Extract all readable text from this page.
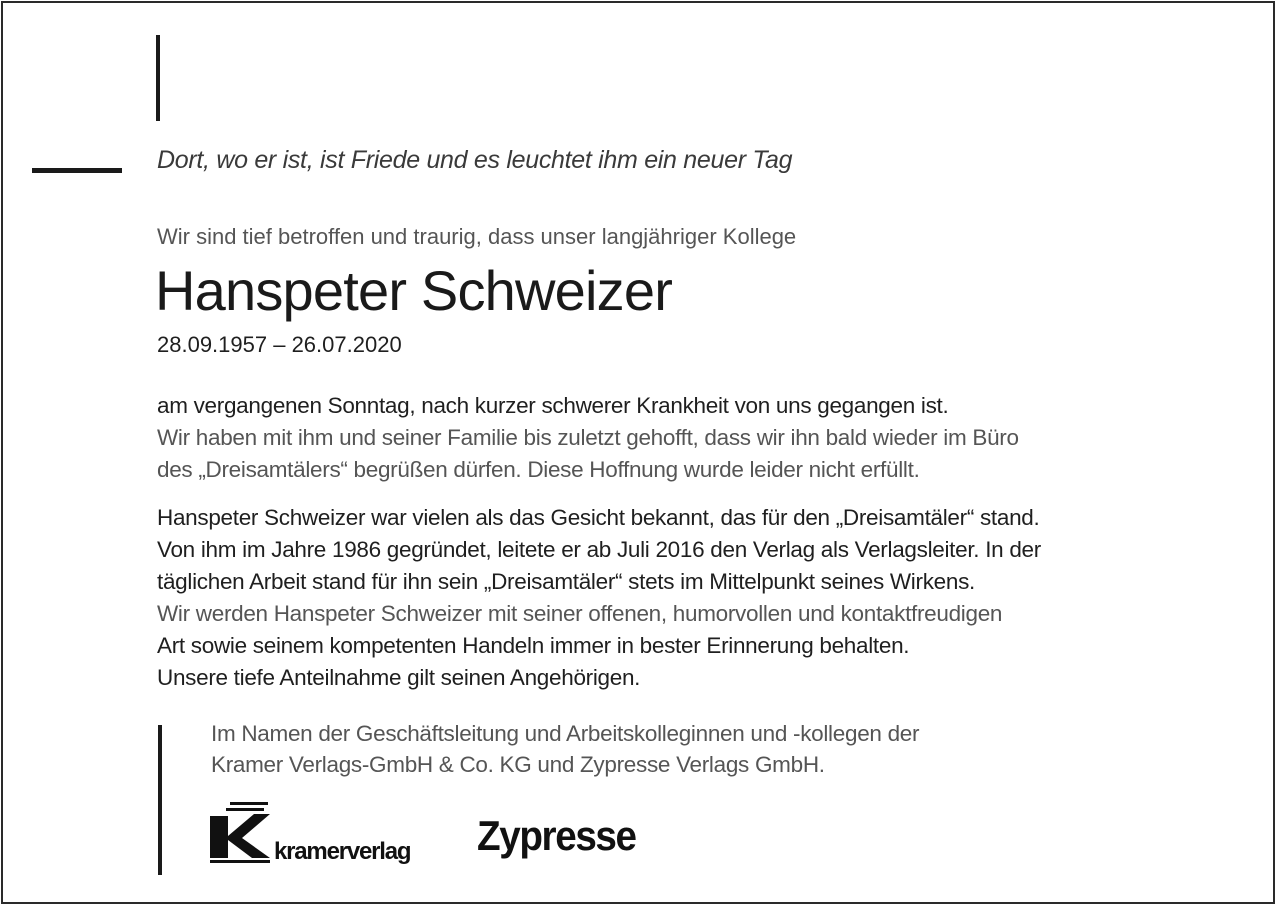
Dort, wo er ist, ist Friede und es leuchtet ihm ein neuer Tag
Wir sind tief betroffen und traurig, dass unser langjähriger Kollege
Hanspeter Schweizer
28.09.1957 – 26.07.2020
am vergangenen Sonntag, nach kurzer schwerer Krankheit von uns gegangen ist.
Wir haben mit ihm und seiner Familie bis zuletzt gehofft, dass wir ihn bald wieder im Büro
des „Dreisamtälers“ begrüßen dürfen. Diese Hoffnung wurde leider nicht erfüllt.
Hanspeter Schweizer war vielen als das Gesicht bekannt, das für den „Dreisamtäler“ stand.
Von ihm im Jahre 1986 gegründet, leitete er ab Juli 2016 den Verlag als Verlagsleiter. In der
täglichen Arbeit stand für ihn sein „Dreisamtäler“ stets im Mittelpunkt seines Wirkens.
Wir werden Hanspeter Schweizer mit seiner offenen, humorvollen und kontaktfreudigen
Art sowie seinem kompetenten Handeln immer in bester Erinnerung behalten.
Unsere tiefe Anteilnahme gilt seinen Angehörigen.
Im Namen der Geschäftsleitung und Arbeitskolleginnen und -kollegen der
Kramer Verlags-GmbH & Co. KG und Zypresse Verlags GmbH.
kramerverlag Zypresse
